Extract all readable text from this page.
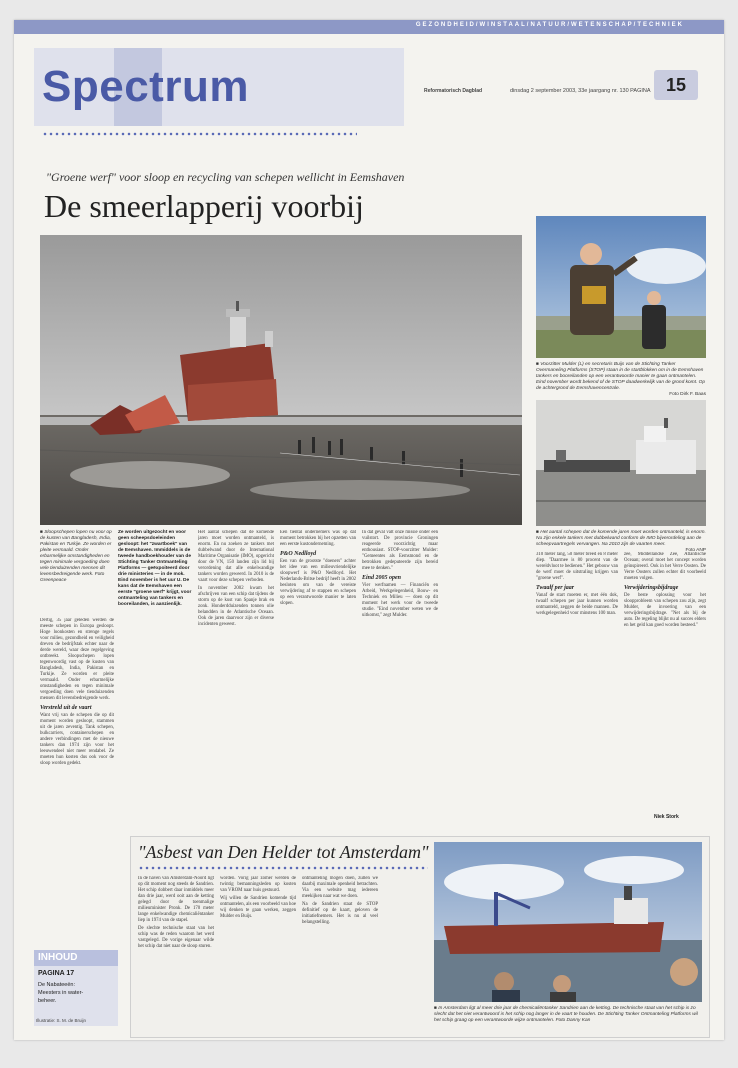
GEZONDHEID/WINSTAAL/NATUUR/WETENSCHAP/TECHNIEK
Spectrum	Reformatorisch Dagblad	dinsdag 2 september 2003, 33e jaargang nr. 130 PAGINA 15
"Groene werf" voor sloop en recycling van schepen wellicht in Eemshaven
De smeerlapperij voorbij
■ Voorzitter Mulder (L) en secretaris Buijs van de Stichting Tanker Overmaneling Platforms (STOP) staan in de startblokken om in de Eemshaven tankers en booreilanden op een verantwoorde manier te gaan ontmantelen. Eind november wordt bekend of de STOP daadwerkelijk van de grond komt. Op de achtergrond de Eemshavencentrale.
Foto Dirk F. Baas
■ Het aantal schepen dat de komende jaren moet worden ontmanteld, is enorm. Nu zijn enkele tankers met dubbelwand conform de IMO bijverordeling aan de scheepvaartregels vervangen. Na 2010 zijn de vaarten meer.
Foto ANP
■ Sloopschepen lopen nu voor op de kusten van Bangladesh, India, Pakistan en Turkije. Ze worden er pleite vermaald. Onder erbarmelijke omstandigheden en tegen minimale vergoeding doen vele tienduizenden mensen dit levensbedreigende werk. Foto Greenpeace
Ze worden uitgezocht en voor geen scheepsdoeleinden gesloopt: het "zwartboek" van de Eemshaven. Immiddels is de tweede handboekhouder van de Stichting Tanker Ontmanteling Platforms — geëxpoiteerd door drie ministeries — in de mok. Eind november is het uur U. De kans dat de Eemshaven een eerste "groene werf" krijgt, voor ontmanteling van tankers en booreilanden, is aanzienlijk.

Dertig, 35 jaar geleden werden de meeste schepen in Europa gesloopt. Hoge loonkosten en strenge regels voor milieu, gezondheid en veiligheid dreven de bedrijfstak echter naar de derde wereld, waar deze regelgeving ontbreekt. Sloopschepen lopen tegenwoordig vast op de kusten van Bangladesh, India, Pakistan en Turkije. Ze worden er pleite vermaald. Onder erbarmelijke omstandigheden en tegen minimale vergoeding doen vele tienduizenden mensen dit levensbedreigende werk.

Verstreld uit de vaart

Want vrij van de schepen die op dit moment worden gesloopt, stammen uit de jaren zeventig. Tank schepen, bulkcarriers, containerschepen en andere verbindingen met de nieuwe tankers dan 1974 zijn voor het leeuwendeel niet meer rendabel. Ze moeten hun kosten dus ook voor de sloop worden gedekt.

Het aantal schepen dat de komende jaren moet worden ontmanteld, is enorm. En nu zoeken ze tankers met dubbelwand door de International Maritime Organisatie (IMO), opgericht door de VN, 150 landen zijn lid bij verordening dat alle enkelwandige tankers worden geweerd. In 2010 is de vaart voor deze schepen verboden.

In november 2002 kwam het afschrijven van een schip dat tijdens de storm op de kust van Spanje brak en zonk. Honderdduizenden tonnen olie belandden in de Atlantische Oceaan. Ook de jaren daarvoor zijn er diverse incidenten geweest.

Een tiental ondernemers was op dat moment betrokken bij het opzetten van een eerste kustonderneming.

P&O Nedlloyd

Een van de grootste "doeners" achter het idee van een milieuvriendelijke sloopwerf is P&O Nedlloyd. Het Nederlands-Britse bedrijf heeft in 2002 besloten om van de vereiste verwijdering af te stappen en schepen op een verantwoorde manier te laten slopen.

In dat geval valt onze missie onder een vuilstort. De provincie Groningen reageerde voorzichtig maar enthousiast. STOP-voorzitter Mulder: "Gemeentes als Eemsmond en de betrokken gedeputeerde zijn bereid mee te denken."

Eind 2005 open

Vier werfnamen — Financiën en Arbeid, Werkgelegenheid, Bouw- en Techniek en Milieu — doen op dit moment het werk voor de tweede studie. "Eind november weten we de uitkomst," zegt Mulder.

310 meter lang, 50 meter breed en 8 meter diep. "Daarmee is 80 procent van de wereldvloot te bedienen." Het gebouw van de werf moet de uitstraling krijgen van "groene werf".

Twaalf per jaar

Vanaf de start moeten er, met één dok, twaalf schepen per jaar kunnen worden ontmanteld, zeggen de beide mannen. De werkgelegenheid voor minstens 100 man.

zee, Middellandse Zee, Atlantische Oceaan; overal moet het concept worden geïnspireerd. Ook in het Verre Oosten. De Verre Oosters zullen echter dit voorbeeld moeten volgen.

Verwijderingsbijdrage

De beste oplossing voor het sloopprobleem van schepen zou zijn, zegt Mulder, de invoering van een verwijderingsbijdrage. "Net als bij de auto. De regeling blijkt nu al succes elders en het geld kan goed worden besteed."

Niek Stork
"Asbest van Den Helder tot Amsterdam"

In de haven van Amsterdam-Noord ligt op dit moment nog steeds de Sandrien. Het schip dobbert daar inmiddels meer dan drie jaar, werd ooit aan de ketting gelegd door de toenmalige milieuminister Pronk. De 170 meter lange enkelwandige chemicaliëntanker liep in 1974 van de stapel.

De slechte technische staat van het schip was de reden waarom het werd vastgelegd. De vorige eigenaar wilde het schip dat niet naar de sloop sturen.

worden. Vorig jaar zomer werden de twintig bemanningsleden op kosten van VROM naar huis gestuurd.

Wij willen de Sandrien komende tijd ontmantelen, als een voorbeeld van hoe wij denken te gaan werken, zeggen Mulder en Buijs.

ontmanteling mogen doen, zullen we daarbij maximale openheid betrachten. Via een website mag iedereen meekijken naar wat we doen.

Na de Sandrien staat de STOP definitief op de kaart, geloven de initiatiefnemers. Het is nu al veel belangstelling.

■ In Amsterdam ligt al meer drie jaar de chemicaliëntanker Sandrien aan de ketting. De technische staat van het schip is zo slecht dat het niet verantwoord is het schip nog langer in de vaart te houden. De Stichting Tanker Ontmanteling Platforms wil het schip graag op een verantwoorde wijze ontmantelen. Foto Danny Kan
INHOUD
PAGINA 17
De Nabateeën:
Meesters in water-
beheer.
Illustratie: S. M. de Bruijn
